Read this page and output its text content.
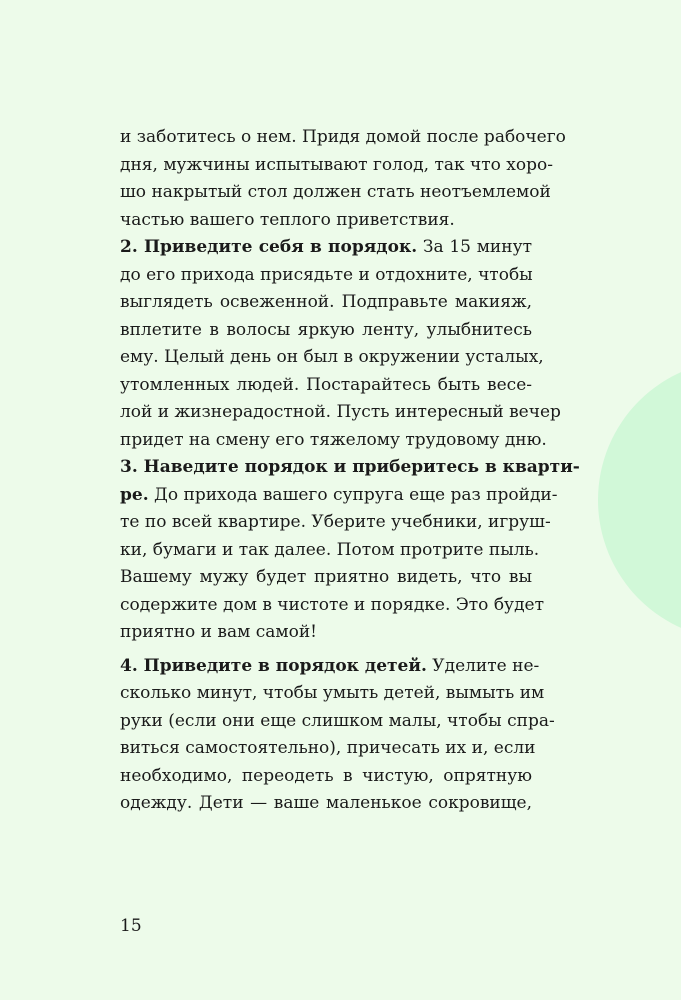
и заботитесь о нем. Придя домой после рабочего
дня, мужчины испытывают голод, так что хоро-
шо накрытый стол должен стать неотъемлемой
частью вашего теплого приветствия.
2. Приведите себя в порядок. За 15 минут
до его прихода присядьте и отдохните, чтобы
выглядеть освеженной. Подправьте макияж,
вплетите в волосы яркую ленту, улыбнитесь
ему. Целый день он был в окружении усталых,
утомленных людей. Постарайтесь быть весе-
лой и жизнерадостной. Пусть интересный вечер
придет на смену его тяжелому трудовому дню.
3. Наведите порядок и приберитесь в кварти-
ре. До прихода вашего супруга еще раз пройди-
те по всей квартире. Уберите учебники, игруш-
ки, бумаги и так далее. Потом протрите пыль.
Вашему мужу будет приятно видеть, что вы
содержите дом в чистоте и порядке. Это будет
приятно и вам самой!
4. Приведите в порядок детей. Уделите не-
сколько минут, чтобы умыть детей, вымыть им
руки (если они еще слишком малы, чтобы спра-
виться самостоятельно), причесать их и, если
необходимо, переодеть в чистую, опрятную
одежду. Дети — ваше маленькое сокровище,
15
